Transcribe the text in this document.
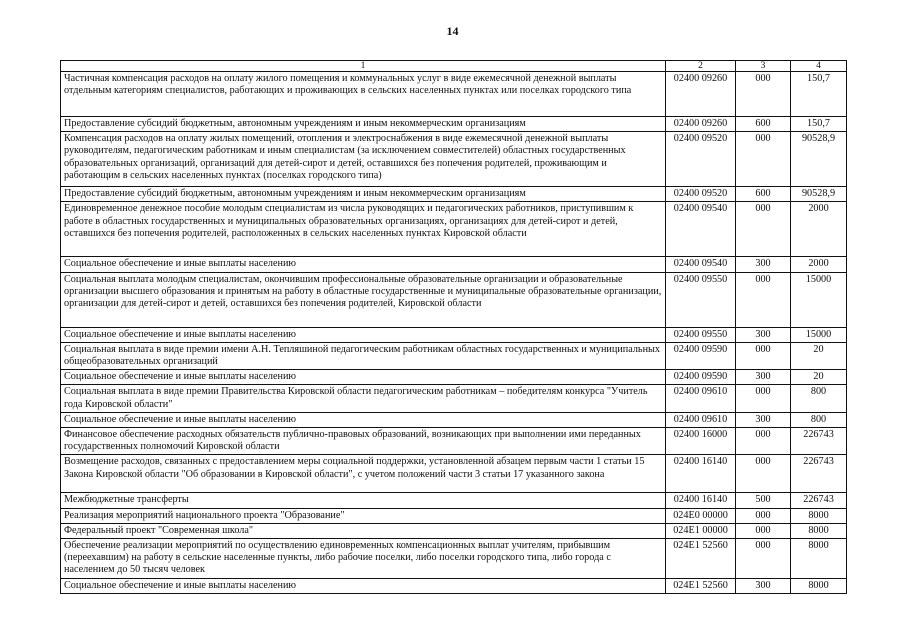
14
1	2	3	4
Частичная компенсация расходов на оплату жилого помещения и коммунальных услуг в виде ежемесячной денежной выплаты отдельным категориям специалистов, работающих и проживающих в сельских населенных пунктах или поселках городского типа	02400 09260	000	150,7
Предоставление субсидий бюджетным, автономным учреждениям и иным некоммерческим организациям	02400 09260	600	150,7
Компенсация расходов на оплату жилых помещений, отопления и электроснабжения в виде ежемесячной денежной выплаты руководителям, педагогическим работникам и иным специалистам (за исключением совместителей) областных государственных образовательных организаций, организаций для детей-сирот и детей, оставшихся без попечения родителей, проживающим и работающим в сельских населенных пунктах (поселках городского типа)	02400 09520	000	90528,9
Предоставление субсидий бюджетным, автономным учреждениям и иным некоммерческим организациям	02400 09520	600	90528,9
Единовременное денежное пособие молодым специалистам из числа руководящих и педагогических работников, приступившим к работе в областных государственных и муниципальных образовательных организациях, организациях для детей-сирот и детей, оставшихся без попечения родителей, расположенных в сельских населенных пунктах Кировской области	02400 09540	000	2000
Социальное обеспечение и иные выплаты населению	02400 09540	300	2000
Социальная выплата молодым специалистам, окончившим профессиональные образовательные организации и образовательные организации высшего образования и принятым на работу в областные государственные и муниципальные образовательные организации, организации для детей-сирот и детей, оставшихся без попечения родителей, Кировской области	02400 09550	000	15000
Социальное обеспечение и иные выплаты населению	02400 09550	300	15000
Социальная выплата в виде премии имени А.Н. Тепляшиной педагогическим работникам областных государственных и муниципальных общеобразовательных организаций	02400 09590	000	20
Социальное обеспечение и иные выплаты населению	02400 09590	300	20
Социальная выплата в виде премии Правительства Кировской области педагогическим работникам – победителям конкурса "Учитель года Кировской области"	02400 09610	000	800
Социальное обеспечение и иные выплаты населению	02400 09610	300	800
Финансовое обеспечение расходных обязательств публично-правовых образований, возникающих при выполнении ими переданных государственных полномочий Кировской области	02400 16000	000	226743
Возмещение расходов, связанных с предоставлением меры социальной поддержки, установленной абзацем первым части 1 статьи 15 Закона Кировской области "Об образовании в Кировской области", с учетом положений части 3 статьи 17 указанного закона	02400 16140	000	226743
Межбюджетные трансферты	02400 16140	500	226743
Реализация мероприятий национального проекта "Образование"	024E0 00000	000	8000
Федеральный проект "Современная школа"	024E1 00000	000	8000
Обеспечение реализации мероприятий по осуществлению единовременных компенсационных выплат учителям, прибывшим (переехавшим) на работу в сельские населенные пункты, либо рабочие поселки, либо поселки городского типа, либо города с населением до 50 тысяч человек	024E1 52560	000	8000
Социальное обеспечение и иные выплаты населению	024E1 52560	300	8000
